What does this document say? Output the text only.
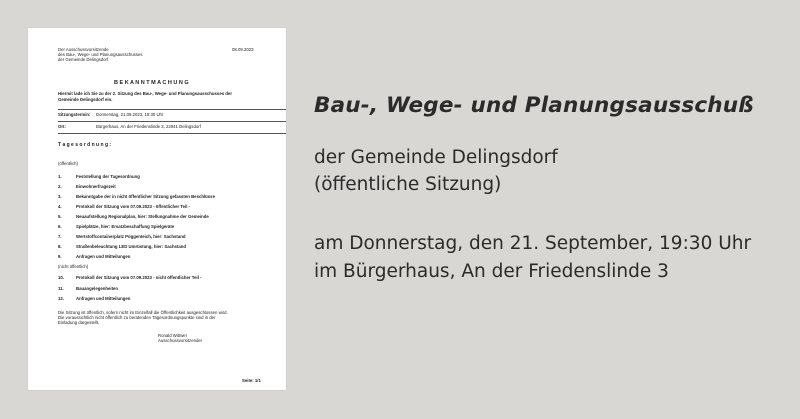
Der Ausschussvorsitzende
des Bau-, Wege- und Planungsausschusses
der Gemeinde Delingsdorf
08.09.2023
B E K A N N T M A C H U N G
Hiermit lade ich Sie zu der 2. Sitzung des Bau-, Wege- und Planungsausschusses der
Gemeinde Delingsdorf ein.
Sitzungstermin: Donnerstag, 21.09.2023, 19:30 Uhr
Ort:	Bürgerhaus, An der Friedenslinde 3, 22941 Delingsdorf
T a g e s o r d n u n g :
(öffentlich)
1.	Feststellung der Tagesordnung
2.	Einwohnerfragezeit
3.	Bekanntgabe der in nicht öffentlicher Sitzung gefassten Beschlüsse
4.	Protokoll der Sitzung vom 07.09.2023 - öffentlicher Teil -
5.	Neuaufstellung Regionalplan, hier: Stellungnahme der Gemeinde
6.	Spielplätze, hier: Ersatzbeschaffung Spielgeräte
7.	Wertstoffcontainerplatz Poggenteich, hier: Sachstand
8.	Straßenbeleuchtung LED Umrüstung, hier: Sachstand
9.	Anfragen und Mitteilungen
(nicht öffentlich)
10.	Protokoll der Sitzung vom 07.09.2023 - nicht öffentlicher Teil -
11.	Bauangelegenheiten
12.	Anfragen und Mitteilungen
Die Sitzung ist öffentlich, sofern nicht im Einzelfall die Öffentlichkeit ausgeschlossen wird.
Die voraussichtlich nicht öffentlich zu beratenden Tagesordnungspunkte sind in der
Einladung dargestellt.
Ronald Wittwer
Ausschussvorsitzender
Seite: 1/1
Bau-, Wege- und Planungsausschuß
der Gemeinde Delingsdorf
(öffentliche Sitzung)
am Donnerstag, den 21. September, 19:30 Uhr
im Bürgerhaus, An der Friedenslinde 3
